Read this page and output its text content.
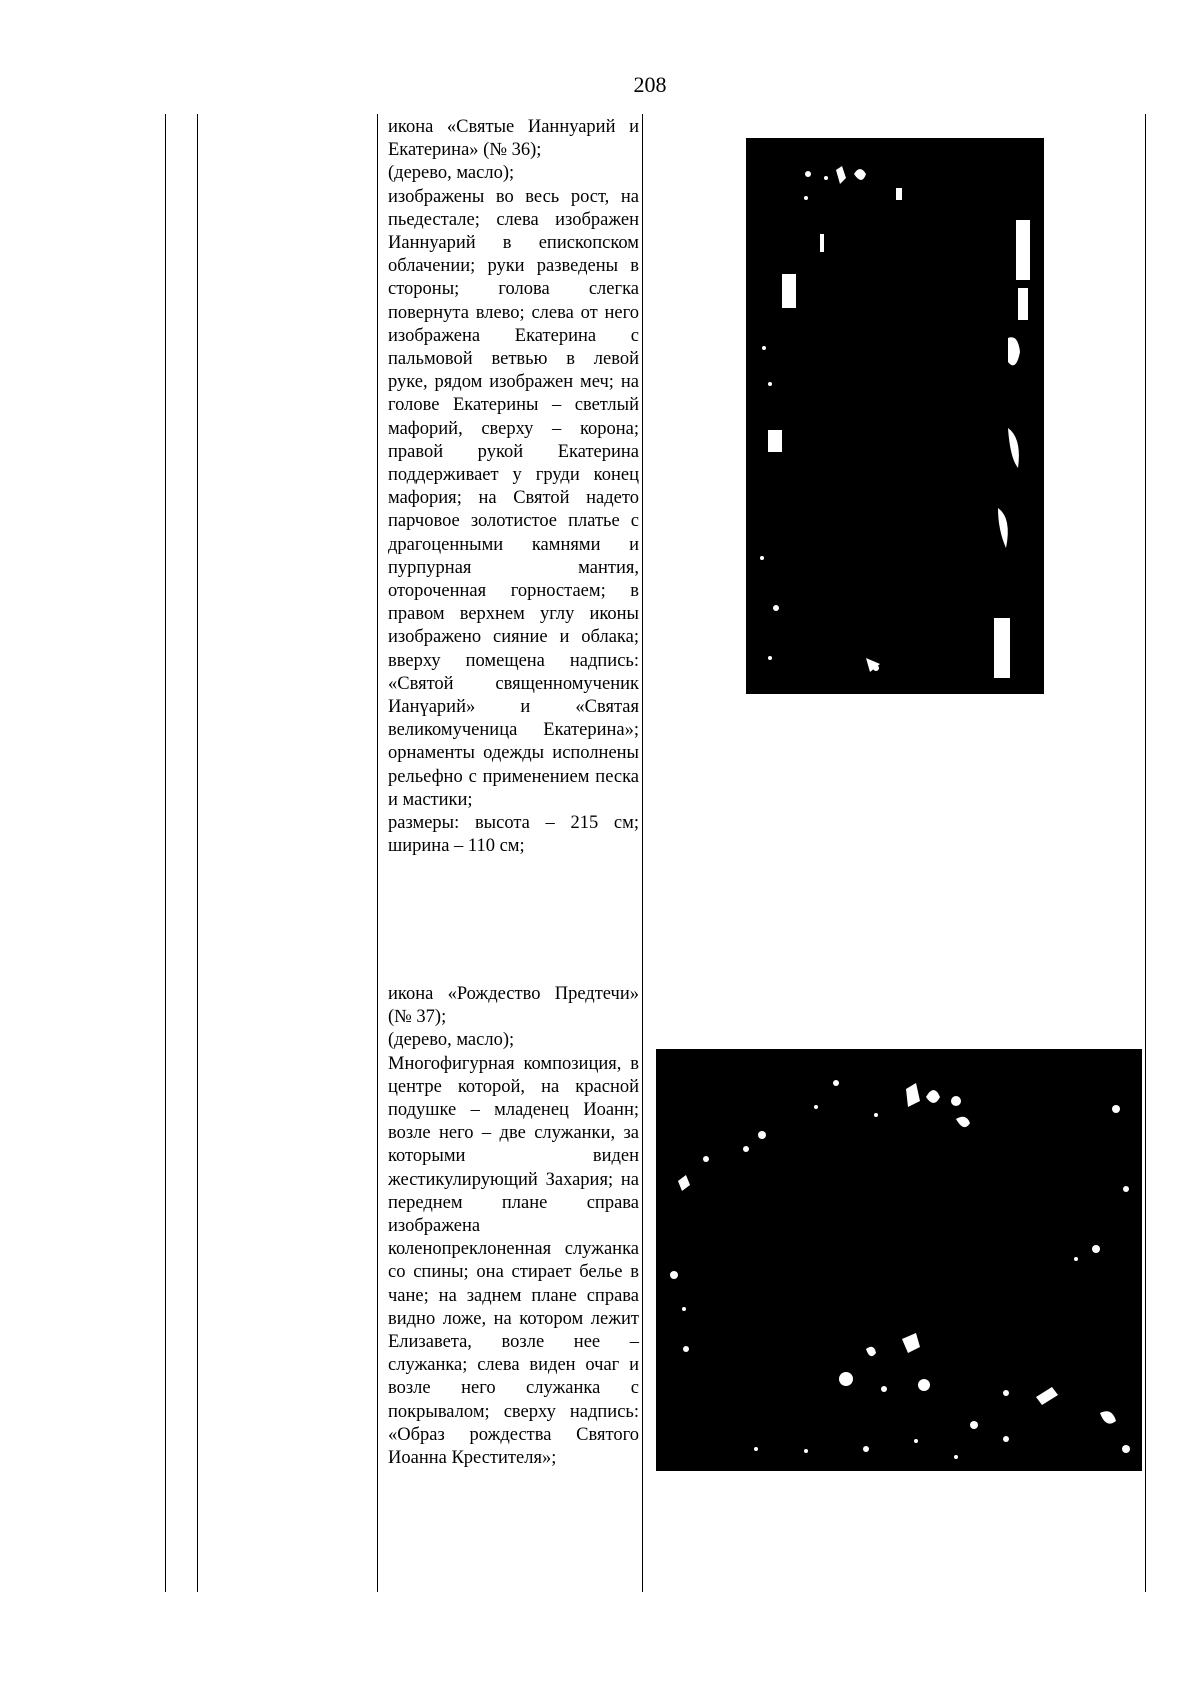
208

икона «Святые Ианнуарий и Екатерина» (№ 36);

(дерево, масло);

изображены во весь рост, на пьедестале; слева изображен Ианнуарий в епископском облачении; руки разведены в стороны; голова слегка повернута влево; слева от него изображена Екатерина с пальмовой ветвью в левой руке, рядом изображен меч; на голове Екатерины – светлый мафорий, сверху – корона; правой рукой Екатерина поддерживает у груди конец мафория; на Святой надето парчовое золотистое платье с драгоценными камнями и пурпурная мантия, отороченная горностаем; в правом верхнем углу иконы изображено сияние и облака; вверху помещена надпись: «Святой священномученик Ианүарий» и «Святая великомученица Екатерина»; орнаменты одежды исполнены рельефно с применением песка и мастики;

размеры: высота – 215 см; ширина – 110 см;

икона «Рождество Предтечи» (№ 37);

(дерево, масло);

Многофигурная композиция, в центре которой, на красной подушке – младенец Иоанн; возле него – две служанки, за которыми виден жестикулирующий Захария; на переднем плане справа изображена коленопреклоненная служанка со спины; она стирает белье в чане; на заднем плане справа видно ложе, на котором лежит Елизавета, возле нее – служанка; слева виден очаг и возле него служанка с покрывалом; сверху надпись: «Образ рождества Святого Иоанна Крестителя»;
